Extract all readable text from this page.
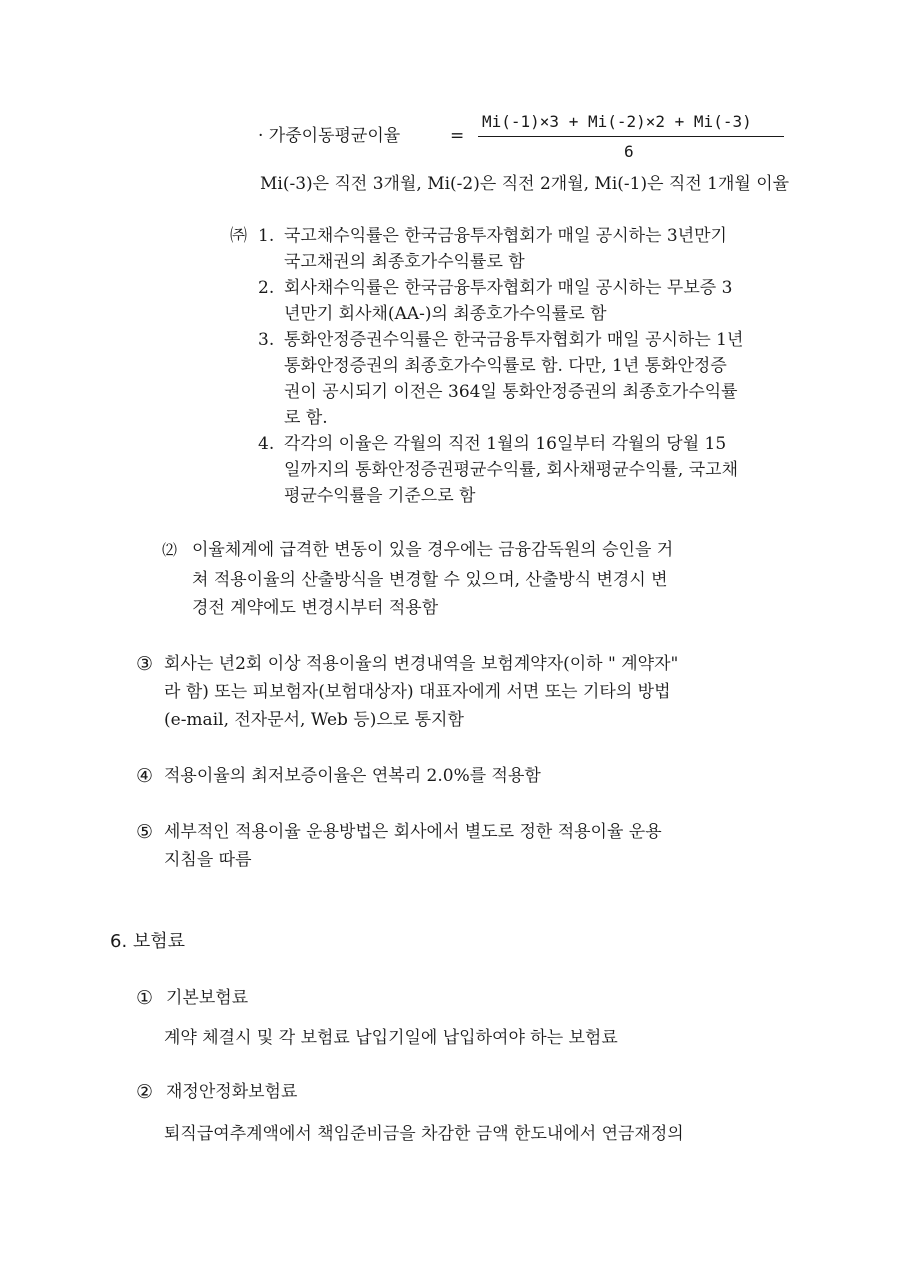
· 가중이동평균이율	=
Mi(-1)×3 + Mi(-2)×2 + Mi(-3)
6
Mi(-3)은 직전 3개월, Mi(-2)은 직전 2개월, Mi(-1)은 직전 1개월 이율
㈜ 1. 국고채수익률은 한국금융투자협회가 매일 공시하는 3년만기
국고채권의 최종호가수익률로 함
2. 회사채수익률은 한국금융투자협회가 매일 공시하는 무보증 3
년만기 회사채(AA-)의 최종호가수익률로 함
3. 통화안정증권수익률은 한국금융투자협회가 매일 공시하는 1년
통화안정증권의 최종호가수익률로 함. 다만, 1년 통화안정증
권이 공시되기 이전은 364일 통화안정증권의 최종호가수익률
로 함.
4. 각각의 이율은 각월의 직전 1월의 16일부터 각월의 당월 15
일까지의 통화안정증권평균수익률, 회사채평균수익률, 국고채
평균수익률을 기준으로 함
⑵ 이율체계에 급격한 변동이 있을 경우에는 금융감독원의 승인을 거
쳐 적용이율의 산출방식을 변경할 수 있으며, 산출방식 변경시 변
경전 계약에도 변경시부터 적용함
③ 회사는 년2회 이상 적용이율의 변경내역을 보험계약자(이하 " 계약자"
라 함) 또는 피보험자(보험대상자) 대표자에게 서면 또는 기타의 방법
(e-mail, 전자문서, Web 등)으로 통지함
④ 적용이율의 최저보증이율은 연복리 2.0%를 적용함
⑤ 세부적인 적용이율 운용방법은 회사에서 별도로 정한 적용이율 운용
지침을 따름
6. 보험료
① 기본보험료
계약 체결시 및 각 보험료 납입기일에 납입하여야 하는 보험료
② 재정안정화보험료
퇴직급여추계액에서 책임준비금을 차감한 금액 한도내에서 연금재정의
